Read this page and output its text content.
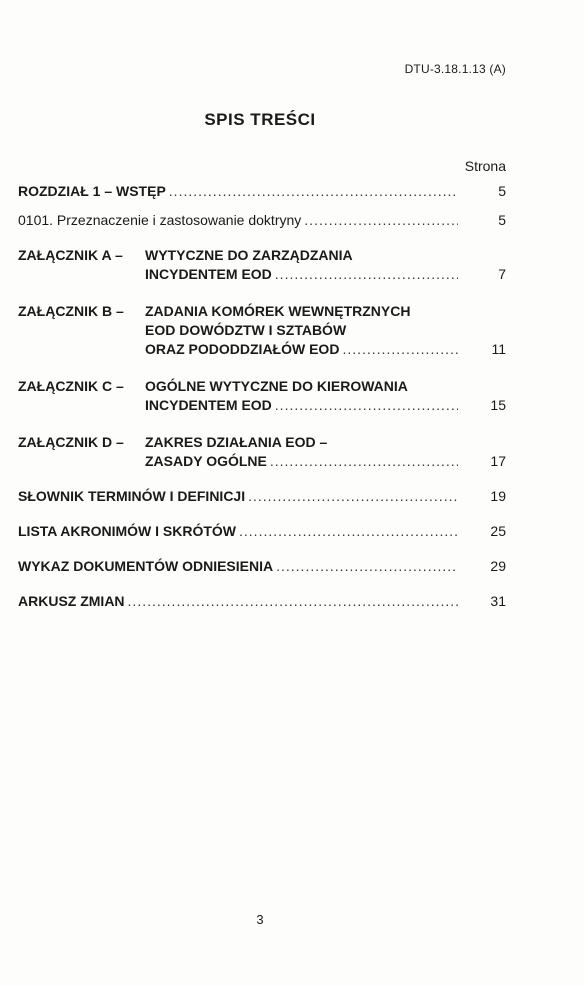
DTU-3.18.1.13 (A)
SPIS TREŚCI
Strona
ROZDZIAŁ 1 – WSTĘP .....	5
0101. Przeznaczenie i zastosowanie doktryny .....	5
ZAŁĄCZNIK A –	WYTYCZNE DO ZARZĄDZANIA
INCYDENTEM EOD .....	7
ZAŁĄCZNIK B –	ZADANIA KOMÓREK WEWNĘTRZNYCH
EOD DOWÓDZTW I SZTABÓW
ORAZ PODODDZIAŁÓW EOD .....	11
ZAŁĄCZNIK C –	OGÓLNE WYTYCZNE DO KIEROWANIA
INCYDENTEM EOD .....	15
ZAŁĄCZNIK D –	ZAKRES DZIAŁANIA EOD –
ZASADY OGÓLNE .....	17
SŁOWNIK TERMINÓW I DEFINICJI .....	19
LISTA AKRONIMÓW I SKRÓTÓW .....	25
WYKAZ DOKUMENTÓW ODNIESIENIA .....	29
ARKUSZ ZMIAN .....	31
3
